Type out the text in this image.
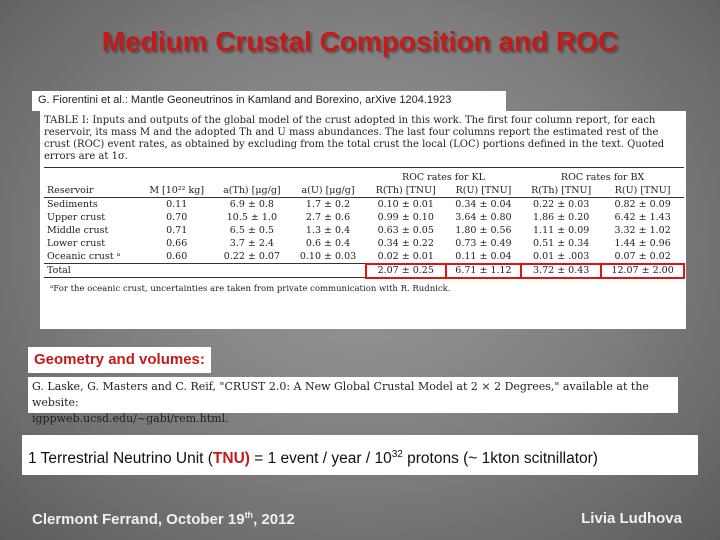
Medium Crustal Composition and ROC
G. Fiorentini et al.: Mantle Geoneutrinos in Kamland and Borexino, arXive 1204.1923

TABLE I: Inputs and outputs of the global model of the crust adopted in this work. The first four column report, for each reservoir, its mass M and the adopted Th and U mass abundances. The last four columns report the estimated rest of the crust (ROC) event rates, as obtained by excluding from the total crust the local (LOC) portions defined in the text. Quoted errors are at 1σ.

				ROC rates for KL		ROC rates for BX	
Reservoir	M [10²² kg]	a(Th) [μg/g]	a(U) [μg/g]	R(Th) [TNU]	R(U) [TNU]	R(Th) [TNU]	R(U) [TNU]
Sediments	0.11	6.9 ± 0.8	1.7 ± 0.2	0.10 ± 0.01	0.34 ± 0.04	0.22 ± 0.03	0.82 ± 0.09
Upper crust	0.70	10.5 ± 1.0	2.7 ± 0.6	0.99 ± 0.10	3.64 ± 0.80	1.86 ± 0.20	6.42 ± 1.43
Middle crust	0.71	6.5 ± 0.5	1.3 ± 0.4	0.63 ± 0.05	1.80 ± 0.56	1.11 ± 0.09	3.32 ± 1.02
Lower crust	0.66	3.7 ± 2.4	0.6 ± 0.4	0.34 ± 0.22	0.73 ± 0.49	0.51 ± 0.34	1.44 ± 0.96
Oceanic crust ᵃ	0.60	0.22 ± 0.07	0.10 ± 0.03	0.02 ± 0.01	0.11 ± 0.04	0.01 ± .003	0.07 ± 0.02
Total				2.07 ± 0.25	6.71 ± 1.12	3.72 ± 0.43	12.07 ± 2.00
ᵃFor the oceanic crust, uncertainties are taken from private communication with R. Rudnick.
Geometry and volumes:
G. Laske, G. Masters and C. Reif, "CRUST 2.0: A New Global Crustal Model at 2 × 2 Degrees," available at the website:
igppweb.ucsd.edu/~gabi/rem.html.
1 Terrestrial Neutrino Unit (TNU) = 1 event / year / $10^{32}$ protons (~ 1kton scitnillator)
Clermont Ferrand, October 19th, 2012	Livia Ludhova
